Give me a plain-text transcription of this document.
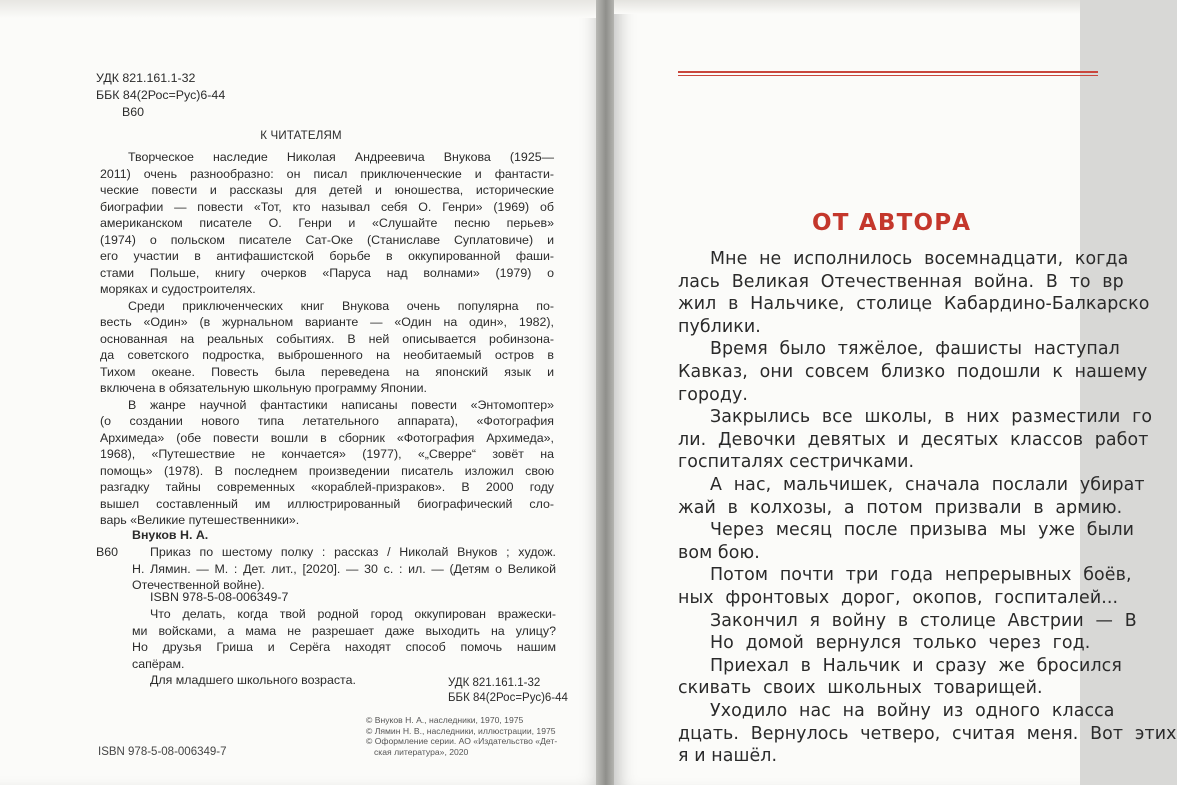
УДК 821.161.1-32
ББК 84(2Рос=Рус)6-44
В60
К ЧИТАТЕЛЯМ
Творческое наследие Николая Андреевича Внукова (1925—
2011) очень разнообразно: он писал приключенческие и фантасти-
ческие повести и рассказы для детей и юношества, исторические
биографии — повести «Тот, кто называл себя О. Генри» (1969) об
американском писателе О. Генри и «Слушайте песню перьев»
(1974) о польском писателе Сат-Оке (Станиславе Суплатовиче) и
его участии в антифашистской борьбе в оккупированной фаши-
стами Польше, книгу очерков «Паруса над волнами» (1979) о
моряках и судостроителях.
Среди приключенческих книг Внукова очень популярна по-
весть «Один» (в журнальном варианте — «Один на один», 1982),
основанная на реальных событиях. В ней описывается робинзона-
да советского подростка, выброшенного на необитаемый остров в
Тихом океане. Повесть была переведена на японский язык и
включена в обязательную школьную программу Японии.
В жанре научной фантастики написаны повести «Энтомоптер»
(о создании нового типа летательного аппарата), «Фотография
Архимеда» (обе повести вошли в сборник «Фотография Архимеда»,
1968), «Путешествие не кончается» (1977), «„Сверре“ зовёт на
помощь» (1978). В последнем произведении писатель изложил свою
разгадку тайны современных «кораблей-призраков». В 2000 году
вышел составленный им иллюстрированный биографический сло-
варь «Великие путешественники».
Внуков Н. А.
В60	Приказ по шестому полку : рассказ / Николай Внуков ; худож.
Н. Лямин. — М. : Дет. лит., [2020]. — 30 с. : ил. — (Детям о Великой
Отечественной войне).
ISBN 978-5-08-006349-7
Что делать, когда твой родной город оккупирован вражески-
ми войсками, а мама не разрешает даже выходить на улицу?
Но друзья Гриша и Серёга находят способ помочь нашим
сапёрам.
Для младшего школьного возраста.	УДК 821.161.1-32
ББК 84(2Рос=Рус)6-44
© Внуков Н. А., наследники, 1970, 1975
© Лямин Н. В., наследники, иллюстрации, 1975
© Оформление серии. АО «Издательство «Дет-
ская литература», 2020
ISBN 978-5-08-006349-7
ОТ АВТОРА
Мне не исполнилось восемнадцати, когда
лась Великая Отечественная война. В то вр
жил в Нальчике, столице Кабардино-Балкарско
публики.
Время было тяжёлое, фашисты наступал
Кавказ, они совсем близко подошли к нашему
городу.
Закрылись все школы, в них разместили го
ли. Девочки девятых и десятых классов работ
госпиталях сестричками.
А нас, мальчишек, сначала послали убират
жай в колхозы, а потом призвали в армию.
Через месяц после призыва мы уже были
вом бою.
Потом почти три года непрерывных боёв,
ных фронтовых дорог, окопов, госпиталей...
Закончил я войну в столице Австрии — В
Но домой вернулся только через год.
Приехал в Нальчик и сразу же бросился
скивать своих школьных товарищей.
Уходило нас на войну из одного класса
дцать. Вернулось четверо, считая меня. Вот этих
я и нашёл.
